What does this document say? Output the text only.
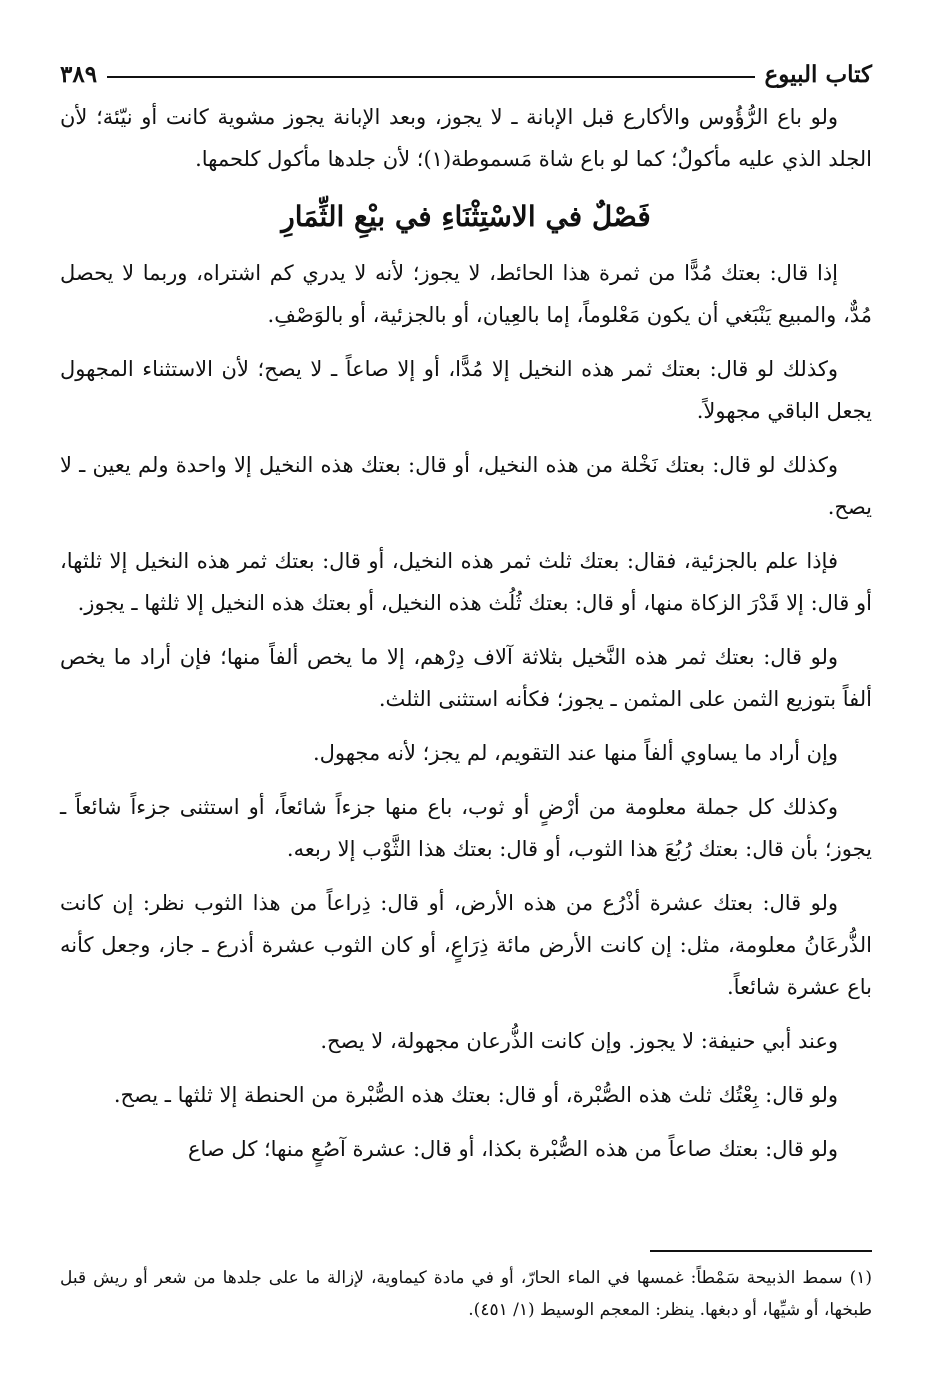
كتاب البيوع
٣٨٩

ولو باع الرُّؤُوس والأكارع قبل الإبانة ـ لا يجوز، وبعد الإبانة يجوز مشوية كانت أو نيّئة؛ لأن الجلد الذي عليه مأكولٌ؛ كما لو باع شاة مَسموطة(١)؛ لأن جلدها مأكول كلحمها.

فَصْلٌ في الاسْتِثْنَاءِ في بيْعِ الثِّمَارِ

إذا قال: بعتك مُدًّا من ثمرة هذا الحائط، لا يجوز؛ لأنه لا يدري كم اشتراه، وربما لا يحصل مُدٌّ، والمبيع يَنْبَغي أن يكون مَعْلوماً، إما بالعِيان، أو بالجزئية، أو بالوَصْفِ.

وكذلك لو قال: بعتك ثمر هذه النخيل إلا مُدًّا، أو إلا صاعاً ـ لا يصح؛ لأن الاستثناء المجهول يجعل الباقي مجهولاً.

وكذلك لو قال: بعتك نَخْلة من هذه النخيل، أو قال: بعتك هذه النخيل إلا واحدة ولم يعين ـ لا يصح.

فإذا علم بالجزئية، فقال: بعتك ثلث ثمر هذه النخيل، أو قال: بعتك ثمر هذه النخيل إلا ثلثها، أو قال: إلا قَدْرَ الزكاة منها، أو قال: بعتك ثُلُث هذه النخيل، أو بعتك هذه النخيل إلا ثلثها ـ يجوز.

ولو قال: بعتك ثمر هذه النَّخيل بثلاثة آلاف دِرْهم، إلا ما يخص ألفاً منها؛ فإن أراد ما يخص ألفاً بتوزيع الثمن على المثمن ـ يجوز؛ فكأنه استثنى الثلث.

وإن أراد ما يساوي ألفاً منها عند التقويم، لم يجز؛ لأنه مجهول.

وكذلك كل جملة معلومة من أرْضٍ أو ثوب، باع منها جزءاً شائعاً، أو استثنى جزءاً شائعاً ـ يجوز؛ بأن قال: بعتك رُبُعَ هذا الثوب، أو قال: بعتك هذا الثَّوْب إلا ربعه.

ولو قال: بعتك عشرة أذْرُع من هذه الأرض، أو قال: ذِراعاً من هذا الثوب نظر: إن كانت الذُّرعَانُ معلومة، مثل: إن كانت الأرض مائة ذِرَاعٍ، أو كان الثوب عشرة أذرع ـ جاز، وجعل كأنه باع عشرة شائعاً.

وعند أبي حنيفة: لا يجوز. وإن كانت الذُّرعان مجهولة، لا يصح.

ولو قال: بِعْتُك ثلث هذه الصُّبْرة، أو قال: بعتك هذه الصُّبْرة من الحنطة إلا ثلثها ـ يصح.

ولو قال: بعتك صاعاً من هذه الصُّبْرة بكذا، أو قال: عشرة آصُعٍ منها؛ كل صاع

(١) سمط الذبيحة سَمْطاً: غمسها في الماء الحارّ، أو في مادة كيماوية، لإزالة ما على جلدها من شعر أو ريش قبل طبخها، أو شيِّها، أو دبغها. ينظر: المعجم الوسيط (١/ ٤٥١).
